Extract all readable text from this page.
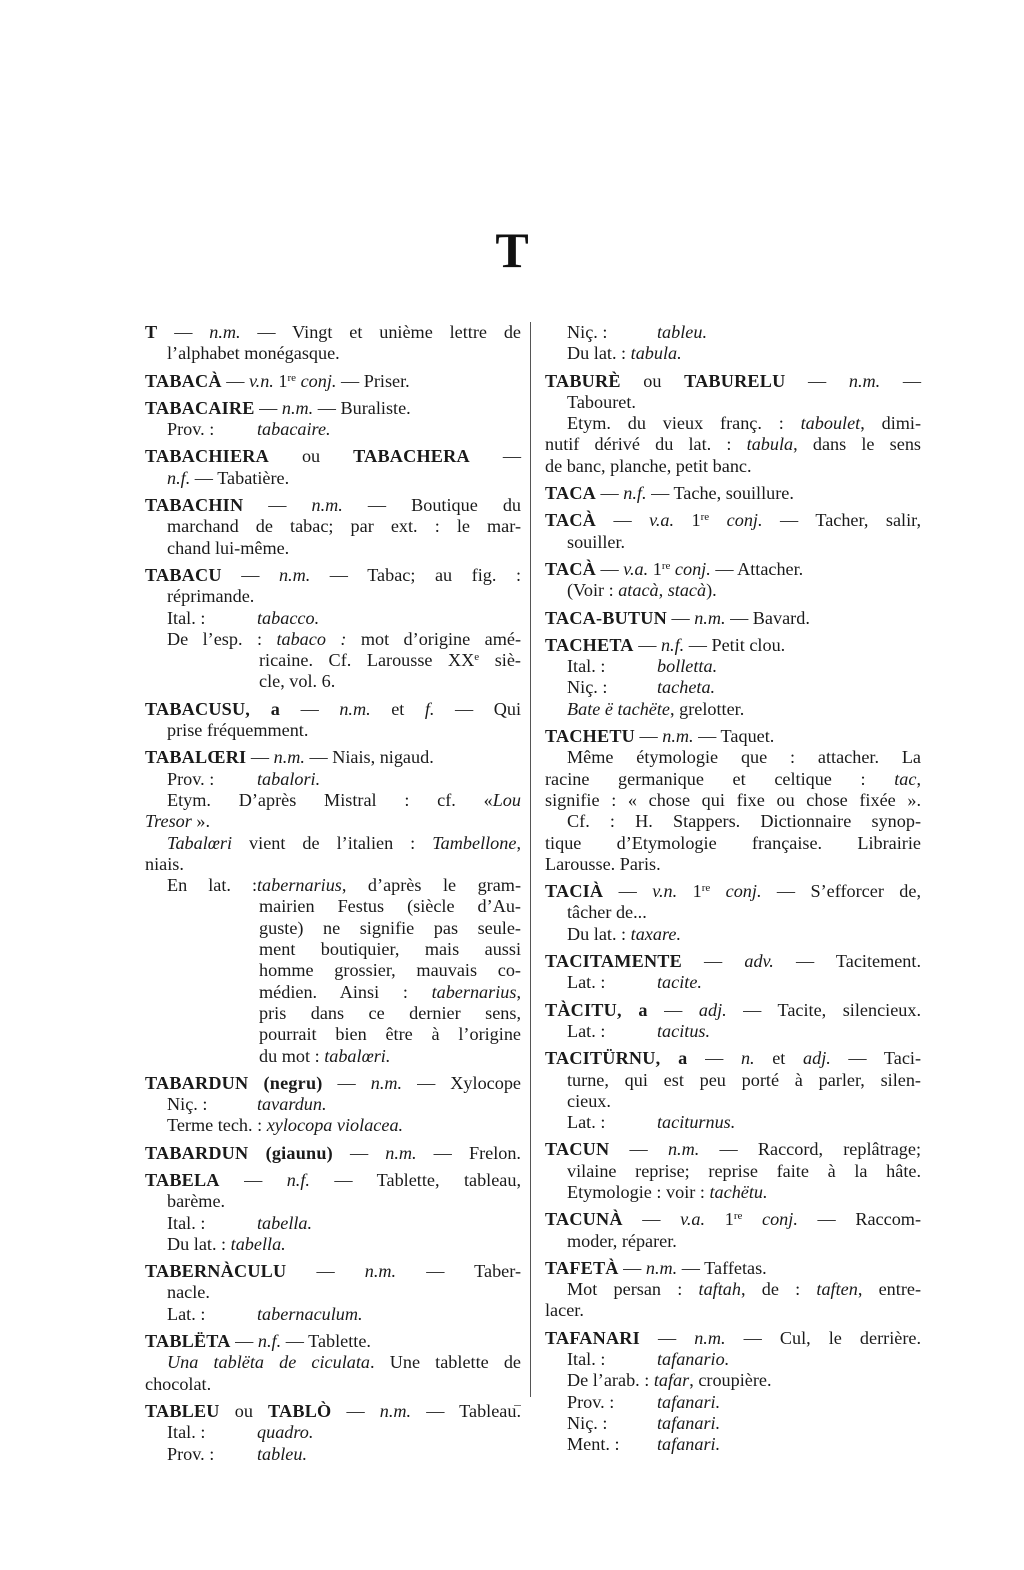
T
T — n.m. — Vingt et unième lettre de
l’alphabet monégasque.
TABACÀ — v.n. 1re conj. — Priser.
TABACAIRE — n.m. — Buraliste.
Prov. : tabacaire.
TABACHIERA ou TABACHERA —
n.f. — Tabatière.
TABACHIN — n.m. — Boutique du
marchand de tabac; par ext. : le mar-
chand lui-même.
TABACU — n.m. — Tabac; au fig. :
réprimande.
Ital. :	tabacco.
De l’esp. : tabaco : mot d’origine amé-
ricaine. Cf. Larousse XXe siè-
cle, vol. 6.
TABACUSU, a — n.m. et f. — Qui
prise fréquemment.
TABALŒRI — n.m. — Niais, nigaud.
Prov. : tabalori.
Etym. D’après Mistral : cf. «Lou
Tresor ».
Tabalœri vient de l’italien : Tambellone,
niais.
En lat. :tabernarius, d’après le gram-
mairien Festus (siècle d’Au-
guste) ne signifie pas seule-
ment boutiquier, mais aussi
homme grossier, mauvais co-
médien. Ainsi : tabernarius,
pris dans ce dernier sens,
pourrait bien être à l’origine
du mot : tabalœri.
TABARDUN (negru) — n.m. — Xylocope
Niç. :	tavardun.
Terme tech. : xylocopa violacea.
TABARDUN (giaunu) — n.m. — Frelon.
TABELA — n.f. — Tablette, tableau,
barème.
Ital. :	tabella.
Du lat. : tabella.
TABERNÀCULU — n.m. — Taber-
nacle.
Lat. :	tabernaculum.
TABLËTA — n.f. — Tablette.
Una tablëta de ciculata. Une tablette de
chocolat.
TABLEU ou TABLÒ — n.m. — Tableau.
Ital. :	quadro.
Prov. : tableu.
Niç. :	tableu.
Du lat. : tabula.
TABURÈ ou TABURELU — n.m. —
Tabouret.
Etym. du vieux franç. : taboulet, dimi-
nutif dérivé du lat. : tabula, dans le sens
de banc, planche, petit banc.
TACA — n.f. — Tache, souillure.
TACÀ — v.a. 1re conj. — Tacher, salir,
souiller.
TACÀ — v.a. 1re conj. — Attacher.
(Voir : atacà, stacà).
TACA-BUTUN — n.m. — Bavard.
TACHETA — n.f. — Petit clou.
Ital. :	bolletta.
Niç. :	tacheta.
Bate ë tachëte, grelotter.
TACHETU — n.m. — Taquet.
Même étymologie que : attacher. La
racine germanique et celtique : tac,
signifie : « chose qui fixe ou chose fixée ».
Cf. : H. Stappers. Dictionnaire synop-
tique d’Etymologie française. Librairie
Larousse. Paris.
TACIÀ — v.n. 1re conj. — S’efforcer de,
tâcher de...
Du lat. : taxare.
TACITAMENTE — adv. — Tacitement.
Lat. :	tacite.
TÀCITU, a — adj. — Tacite, silencieux.
Lat. :	tacitus.
TACITÜRNU, a — n. et adj. — Taci-
turne, qui est peu porté à parler, silen-
cieux.
Lat. :	taciturnus.
TACUN — n.m. — Raccord, replâtrage;
vilaine reprise; reprise faite à la hâte.
Etymologie : voir : tachëtu.
TACUNÀ — v.a. 1re conj. — Raccom-
moder, réparer.
TAFETÀ — n.m. — Taffetas.
Mot persan : taftah, de : taften, entre-
lacer.
TAFANARI — n.m. — Cul, le derrière.
Ital. :	tafanario.
De l’arab. : tafar, croupière.
Prov. : tafanari.
Niç. :	tafanari.
Ment. : tafanari.
